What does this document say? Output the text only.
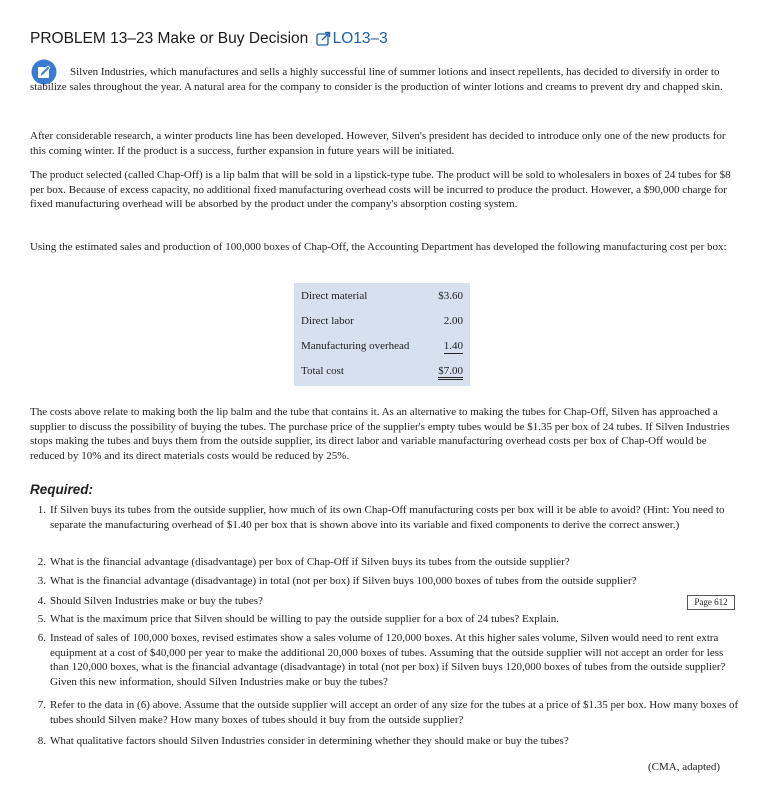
PROBLEM 13–23 Make or Buy Decision LO13–3

Silven Industries, which manufactures and sells a highly successful line of summer lotions and insect repellents, has decided to diversify in order to stabilize sales throughout the year. A natural area for the company to consider is the production of winter lotions and creams to prevent dry and chapped skin.

After considerable research, a winter products line has been developed. However, Silven's president has decided to introduce only one of the new products for this coming winter. If the product is a success, further expansion in future years will be initiated.

The product selected (called Chap-Off) is a lip balm that will be sold in a lipstick-type tube. The product will be sold to wholesalers in boxes of 24 tubes for $8 per box. Because of excess capacity, no additional fixed manufacturing overhead costs will be incurred to produce the product. However, a $90,000 charge for fixed manufacturing overhead will be absorbed by the product under the company's absorption costing system.

Using the estimated sales and production of 100,000 boxes of Chap-Off, the Accounting Department has developed the following manufacturing cost per box:

Direct material	$3.60
Direct labor	2.00
Manufacturing overhead	1.40
Total cost	$7.00

The costs above relate to making both the lip balm and the tube that contains it. As an alternative to making the tubes for Chap-Off, Silven has approached a supplier to discuss the possibility of buying the tubes. The purchase price of the supplier's empty tubes would be $1.35 per box of 24 tubes. If Silven Industries stops making the tubes and buys them from the outside supplier, its direct labor and variable manufacturing overhead costs per box of Chap-Off would be reduced by 10% and its direct materials costs would be reduced by 25%.

Required:
1. If Silven buys its tubes from the outside supplier, how much of its own Chap-Off manufacturing costs per box will it be able to avoid? (Hint: You need to separate the manufacturing overhead of $1.40 per box that is shown above into its variable and fixed components to derive the correct answer.)
2. What is the financial advantage (disadvantage) per box of Chap-Off if Silven buys its tubes from the outside supplier?
3. What is the financial advantage (disadvantage) in total (not per box) if Silven buys 100,000 boxes of tubes from the outside supplier?
4. Should Silven Industries make or buy the tubes?
5. What is the maximum price that Silven should be willing to pay the outside supplier for a box of 24 tubes? Explain.
6. Instead of sales of 100,000 boxes, revised estimates show a sales volume of 120,000 boxes. At this higher sales volume, Silven would need to rent extra equipment at a cost of $40,000 per year to make the additional 20,000 boxes of tubes. Assuming that the outside supplier will not accept an order for less than 120,000 boxes, what is the financial advantage (disadvantage) in total (not per box) if Silven buys 120,000 boxes of tubes from the outside supplier? Given this new information, should Silven Industries make or buy the tubes?
7. Refer to the data in (6) above. Assume that the outside supplier will accept an order of any size for the tubes at a price of $1.35 per box. How many boxes of tubes should Silven make? How many boxes of tubes should it buy from the outside supplier?
8. What qualitative factors should Silven Industries consider in determining whether they should make or buy the tubes?
Page 612
(CMA, adapted)
